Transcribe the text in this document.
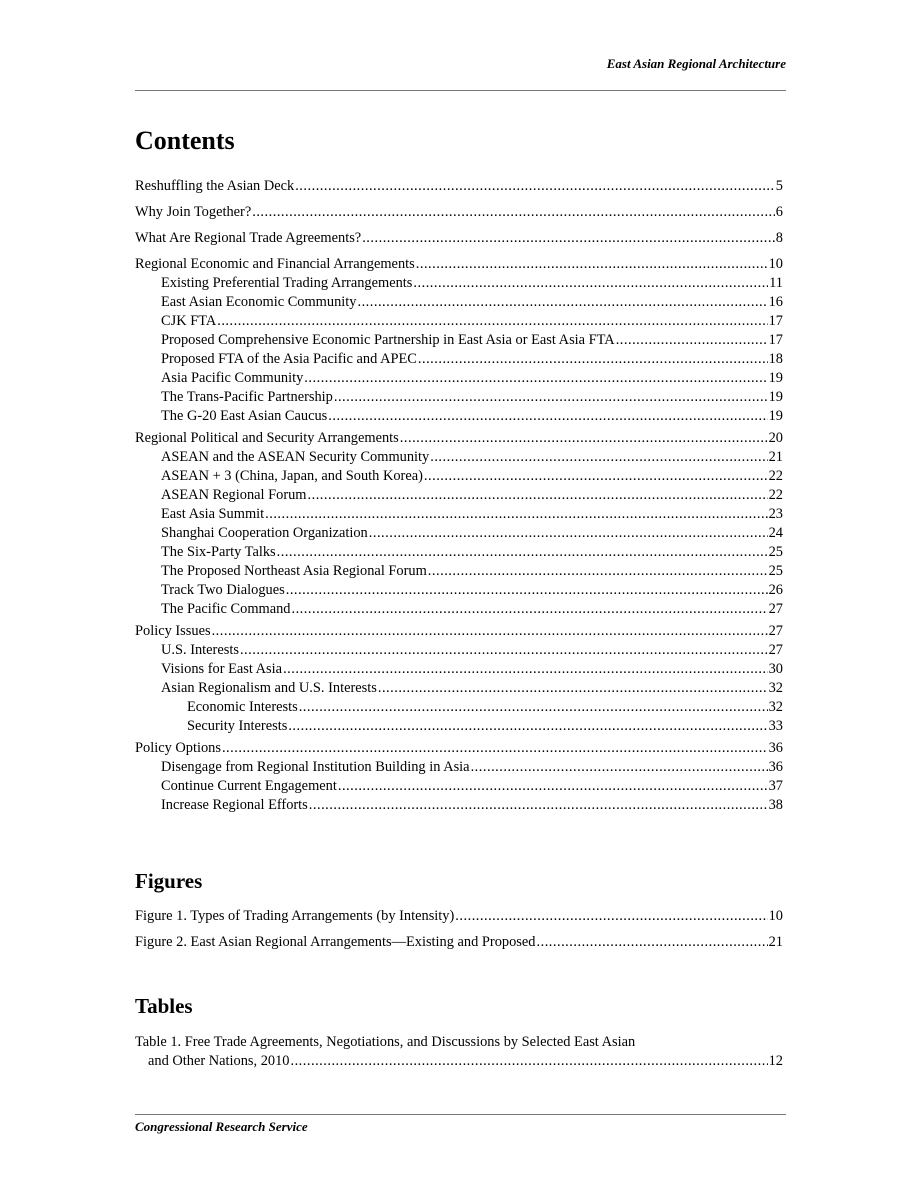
East Asian Regional Architecture
Contents
Reshuffling the Asian Deck .....	5
Why Join Together? .....	6
What Are Regional Trade Agreements? .....	8
Regional Economic and Financial Arrangements .....	10
Existing Preferential Trading Arrangements .....	11
East Asian Economic Community .....	16
CJK FTA .....	17
Proposed Comprehensive Economic Partnership in East Asia or East Asia FTA .....	17
Proposed FTA of the Asia Pacific and APEC .....	18
Asia Pacific Community .....	19
The Trans-Pacific Partnership .....	19
The G-20 East Asian Caucus .....	19
Regional Political and Security Arrangements .....	20
ASEAN and the ASEAN Security Community .....	21
ASEAN + 3 (China, Japan, and South Korea) .....	22
ASEAN Regional Forum .....	22
East Asia Summit .....	23
Shanghai Cooperation Organization .....	24
The Six-Party Talks .....	25
The Proposed Northeast Asia Regional Forum .....	25
Track Two Dialogues .....	26
The Pacific Command .....	27
Policy Issues .....	27
U.S. Interests .....	27
Visions for East Asia .....	30
Asian Regionalism and U.S. Interests .....	32
Economic Interests .....	32
Security Interests .....	33
Policy Options .....	36
Disengage from Regional Institution Building in Asia .....	36
Continue Current Engagement .....	37
Increase Regional Efforts .....	38
Figures
Figure 1. Types of Trading Arrangements (by Intensity) .....	10
Figure 2. East Asian Regional Arrangements—Existing and Proposed .....	21
Tables
Table 1. Free Trade Agreements, Negotiations, and Discussions by Selected East Asian
and Other Nations, 2010 .....	12
Congressional Research Service
